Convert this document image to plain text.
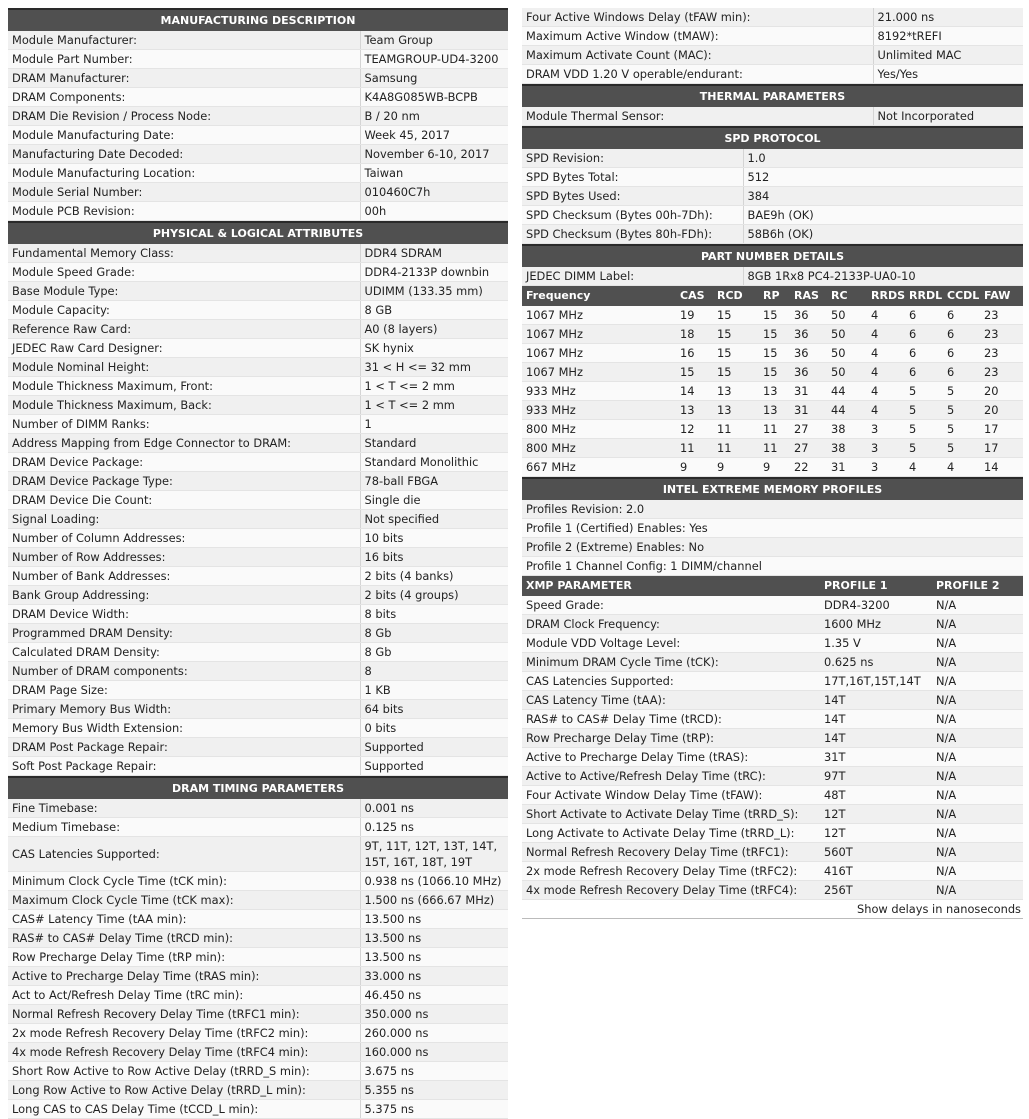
MANUFACTURING DESCRIPTION
Module Manufacturer:	Team Group
Module Part Number:	TEAMGROUP-UD4-3200
DRAM Manufacturer:	Samsung
DRAM Components:	K4A8G085WB-BCPB
DRAM Die Revision / Process Node:	B / 20 nm
Module Manufacturing Date:	Week 45, 2017
Manufacturing Date Decoded:	November 6-10, 2017
Module Manufacturing Location:	Taiwan
Module Serial Number:	010460C7h
Module PCB Revision:	00h
PHYSICAL & LOGICAL ATTRIBUTES
Fundamental Memory Class:	DDR4 SDRAM
Module Speed Grade:	DDR4-2133P downbin
Base Module Type:	UDIMM (133.35 mm)
Module Capacity:	8 GB
Reference Raw Card:	A0 (8 layers)
JEDEC Raw Card Designer:	SK hynix
Module Nominal Height:	31 < H <= 32 mm
Module Thickness Maximum, Front:	1 < T <= 2 mm
Module Thickness Maximum, Back:	1 < T <= 2 mm
Number of DIMM Ranks:	1
Address Mapping from Edge Connector to DRAM:	Standard
DRAM Device Package:	Standard Monolithic
DRAM Device Package Type:	78-ball FBGA
DRAM Device Die Count:	Single die
Signal Loading:	Not specified
Number of Column Addresses:	10 bits
Number of Row Addresses:	16 bits
Number of Bank Addresses:	2 bits (4 banks)
Bank Group Addressing:	2 bits (4 groups)
DRAM Device Width:	8 bits
Programmed DRAM Density:	8 Gb
Calculated DRAM Density:	8 Gb
Number of DRAM components:	8
DRAM Page Size:	1 KB
Primary Memory Bus Width:	64 bits
Memory Bus Width Extension:	0 bits
DRAM Post Package Repair:	Supported
Soft Post Package Repair:	Supported
DRAM TIMING PARAMETERS
Fine Timebase:	0.001 ns
Medium Timebase:	0.125 ns
CAS Latencies Supported:	9T, 11T, 12T, 13T, 14T, 15T, 16T, 18T, 19T
Minimum Clock Cycle Time (tCK min):	0.938 ns (1066.10 MHz)
Maximum Clock Cycle Time (tCK max):	1.500 ns (666.67 MHz)
CAS# Latency Time (tAA min):	13.500 ns
RAS# to CAS# Delay Time (tRCD min):	13.500 ns
Row Precharge Delay Time (tRP min):	13.500 ns
Active to Precharge Delay Time (tRAS min):	33.000 ns
Act to Act/Refresh Delay Time (tRC min):	46.450 ns
Normal Refresh Recovery Delay Time (tRFC1 min):	350.000 ns
2x mode Refresh Recovery Delay Time (tRFC2 min):	260.000 ns
4x mode Refresh Recovery Delay Time (tRFC4 min):	160.000 ns
Short Row Active to Row Active Delay (tRRD_S min):	3.675 ns
Long Row Active to Row Active Delay (tRRD_L min):	5.355 ns
Long CAS to CAS Delay Time (tCCD_L min):	5.375 ns
Four Active Windows Delay (tFAW min):	21.000 ns
Maximum Active Window (tMAW):	8192*tREFI
Maximum Activate Count (MAC):	Unlimited MAC
DRAM VDD 1.20 V operable/endurant:	Yes/Yes
THERMAL PARAMETERS
Module Thermal Sensor:	Not Incorporated
SPD PROTOCOL
SPD Revision:	1.0
SPD Bytes Total:	512
SPD Bytes Used:	384
SPD Checksum (Bytes 00h-7Dh):	BAE9h (OK)
SPD Checksum (Bytes 80h-FDh):	58B6h (OK)
PART NUMBER DETAILS
JEDEC DIMM Label:	8GB 1Rx8 PC4-2133P-UA0-10
Frequency	CAS	RCD	RP	RAS	RC	RRDS	RRDL	CCDL	FAW
1067 MHz	19	15	15	36	50	4	6	6	23
1067 MHz	18	15	15	36	50	4	6	6	23
1067 MHz	16	15	15	36	50	4	6	6	23
1067 MHz	15	15	15	36	50	4	6	6	23
933 MHz	14	13	13	31	44	4	5	5	20
933 MHz	13	13	13	31	44	4	5	5	20
800 MHz	12	11	11	27	38	3	5	5	17
800 MHz	11	11	11	27	38	3	5	5	17
667 MHz	9	9	9	22	31	3	4	4	14
INTEL EXTREME MEMORY PROFILES
Profiles Revision: 2.0
Profile 1 (Certified) Enables: Yes
Profile 2 (Extreme) Enables: No
Profile 1 Channel Config: 1 DIMM/channel
XMP PARAMETER	PROFILE 1	PROFILE 2
Speed Grade:	DDR4-3200	N/A
DRAM Clock Frequency:	1600 MHz	N/A
Module VDD Voltage Level:	1.35 V	N/A
Minimum DRAM Cycle Time (tCK):	0.625 ns	N/A
CAS Latencies Supported:	17T,16T,15T,14T	N/A
CAS Latency Time (tAA):	14T	N/A
RAS# to CAS# Delay Time (tRCD):	14T	N/A
Row Precharge Delay Time (tRP):	14T	N/A
Active to Precharge Delay Time (tRAS):	31T	N/A
Active to Active/Refresh Delay Time (tRC):	97T	N/A
Four Activate Window Delay Time (tFAW):	48T	N/A
Short Activate to Activate Delay Time (tRRD_S):	12T	N/A
Long Activate to Activate Delay Time (tRRD_L):	12T	N/A
Normal Refresh Recovery Delay Time (tRFC1):	560T	N/A
2x mode Refresh Recovery Delay Time (tRFC2):	416T	N/A
4x mode Refresh Recovery Delay Time (tRFC4):	256T	N/A
Show delays in nanoseconds
